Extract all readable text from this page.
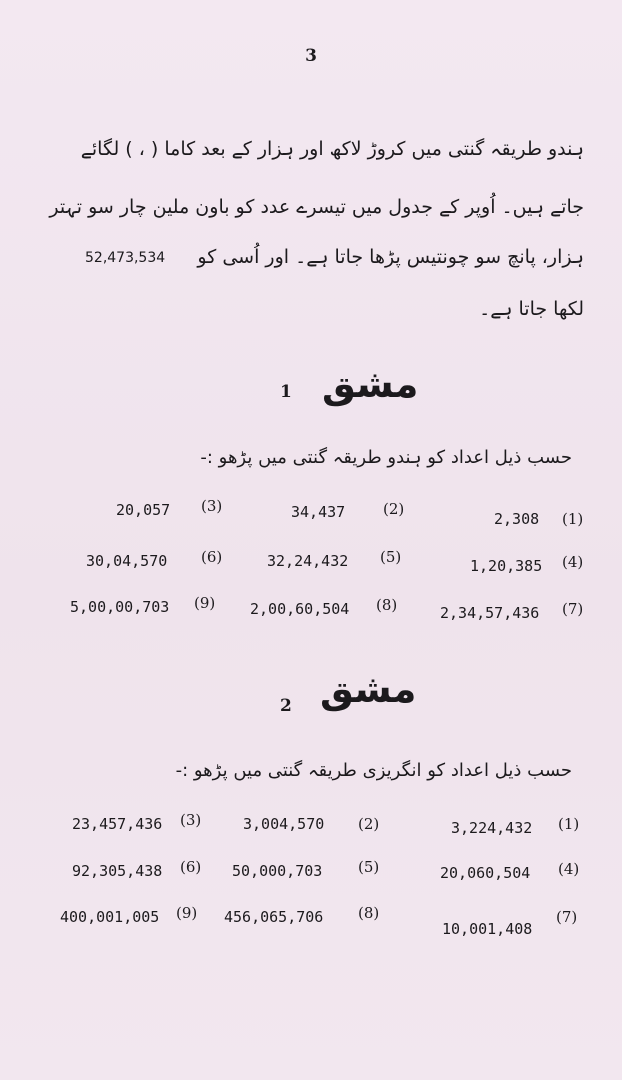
3
ہندو طریقہ گنتی میں کروڑ لاکھ اور ہزار کے بعد کاما ( ، ) لگائے
جاتے ہیں۔ اُوپر کے جدول میں تیسرے عدد کو باون ملین چار سو تہتر
ہزار، پانچ سو چونتیس پڑھا جاتا ہے۔ اور اُسی کو
52,473,534
لکھا جاتا ہے۔
مشق
1
حسب ذیل اعداد کو ہندو طریقہ گنتی میں پڑھو :-
2,308 (1)
34,437	(2)
20,057 (3)
1,20,385 (4)
32,24,432 (5)
30,04,570 (6)
2,34,57,436 (7)
2,00,60,504 (8)
5,00,00,703 (9)
مشق
2
حسب ذیل اعداد کو انگریزی طریقہ گنتی میں پڑھو :-
3,224,432 (1)
3,004,570 (2)
23,457,436 (3)
20,060,504 (4)
50,000,703 (5)
92,305,438 (6)
10,001,408
(7)
456,065,706 (8)
400,001,005 (9)
